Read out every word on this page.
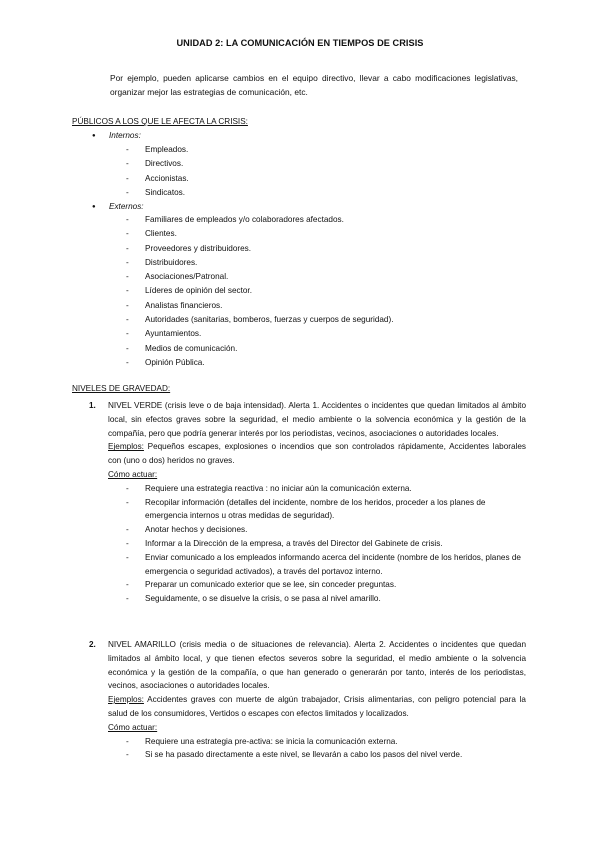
UNIDAD 2: LA COMUNICACIÓN EN TIEMPOS DE CRISIS
Por ejemplo, pueden aplicarse cambios en el equipo directivo, llevar a cabo modificaciones legislativas, organizar mejor las estrategias de comunicación, etc.
PÚBLICOS A LOS QUE LE AFECTA LA CRISIS:
● Internos:
- Empleados.
- Directivos.
- Accionistas.
- Sindicatos.
● Externos:
- Familiares de empleados y/o colaboradores afectados.
- Clientes.
- Proveedores y distribuidores.
- Distribuidores.
- Asociaciones/Patronal.
- Líderes de opinión del sector.
- Analistas financieros.
- Autoridades (sanitarias, bomberos, fuerzas y cuerpos de seguridad).
- Ayuntamientos.
- Medios de comunicación.
- Opinión Pública.
NIVELES DE GRAVEDAD:
1. NIVEL VERDE (crisis leve o de baja intensidad). Alerta 1. Accidentes o incidentes que quedan limitados al ámbito local, sin efectos graves sobre la seguridad, el medio ambiente o la solvencia económica y la gestión de la compañía, pero que podría generar interés por los periodistas, vecinos, asociaciones o autoridades locales.
Ejemplos: Pequeños escapes, explosiones o incendios que son controlados rápidamente, Accidentes laborales con (uno o dos) heridos no graves.
Cómo actuar:
- Requiere una estrategia reactiva : no iniciar aún la comunicación externa.
- Recopilar información (detalles del incidente, nombre de los heridos, proceder a los planes de emergencia internos u otras medidas de seguridad).
- Anotar hechos y decisiones.
- Informar a la Dirección de la empresa, a través del Director del Gabinete de crisis.
- Enviar comunicado a los empleados informando acerca del incidente (nombre de los heridos, planes de emergencia o seguridad activados), a través del portavoz interno.
- Preparar un comunicado exterior que se lee, sin conceder preguntas.
- Seguidamente, o se disuelve la crisis, o se pasa al nivel amarillo.
2. NIVEL AMARILLO (crisis media o de situaciones de relevancia). Alerta 2. Accidentes o incidentes que quedan limitados al ámbito local, y que tienen efectos severos sobre la seguridad, el medio ambiente o la solvencia económica y la gestión de la compañía, o que han generado o generarán por tanto, interés de los periodistas, vecinos, asociaciones o autoridades locales.
Ejemplos: Accidentes graves con muerte de algún trabajador, Crisis alimentarias, con peligro potencial para la salud de los consumidores, Vertidos o escapes con efectos limitados y localizados.
Cómo actuar:
- Requiere una estrategia pre-activa: se inicia la comunicación externa.
- Si se ha pasado directamente a este nivel, se llevarán a cabo los pasos del nivel verde.
